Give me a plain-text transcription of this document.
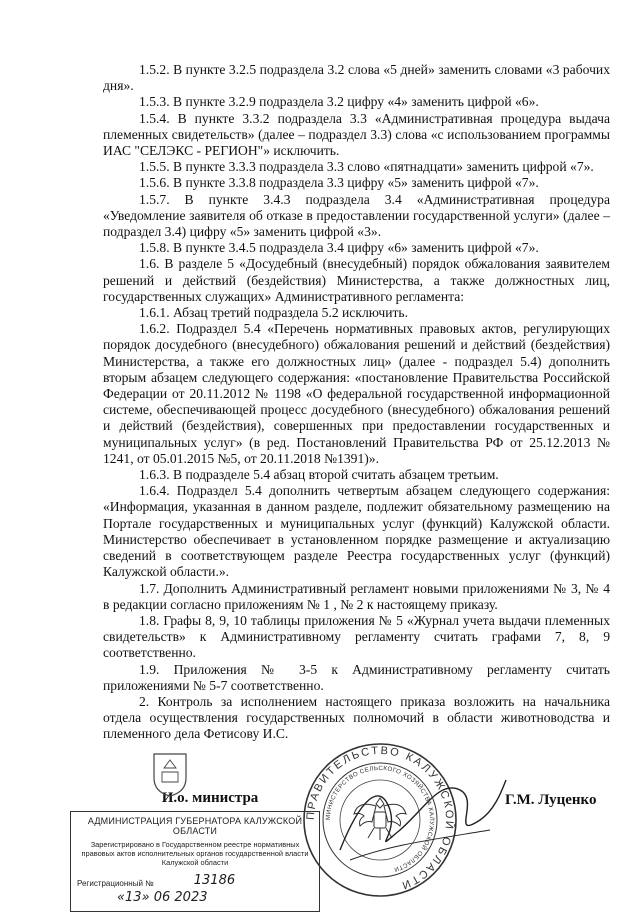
1.5.2. В пункте 3.2.5 подраздела 3.2 слова «5 дней» заменить словами «3 рабочих дня».

1.5.3. В пункте 3.2.9 подраздела 3.2 цифру «4» заменить цифрой «6».

1.5.4. В пункте 3.3.2 подраздела 3.3 «Административная процедура выдача племенных свидетельств» (далее – подраздел 3.3) слова «с использованием программы ИАС "СЕЛЭКС - РЕГИОН"» исключить.

1.5.5. В пункте 3.3.3 подраздела 3.3 слово «пятнадцати» заменить цифрой «7».

1.5.6. В пункте 3.3.8 подраздела 3.3 цифру «5» заменить цифрой «7».

1.5.7. В пункте 3.4.3 подраздела 3.4 «Административная процедура «Уведомление заявителя об отказе в предоставлении государственной услуги» (далее – подраздел 3.4) цифру «5» заменить цифрой «3».

1.5.8. В пункте 3.4.5 подраздела 3.4 цифру «6» заменить цифрой «7».

1.6. В разделе 5 «Досудебный (внесудебный) порядок обжалования заявителем решений и действий (бездействия) Министерства, а также должностных лиц, государственных служащих» Административного регламента:

1.6.1. Абзац третий подраздела 5.2 исключить.

1.6.2. Подраздел 5.4 «Перечень нормативных правовых актов, регулирующих порядок досудебного (внесудебного) обжалования решений и действий (бездействия) Министерства, а также его должностных лиц» (далее - подраздел 5.4) дополнить вторым абзацем следующего содержания: «постановление Правительства Российской Федерации от 20.11.2012 № 1198 «О федеральной государственной информационной системе, обеспечивающей процесс досудебного (внесудебного) обжалования решений и действий (бездействия), совершенных при предоставлении государственных и муниципальных услуг» (в ред. Постановлений Правительства РФ от 25.12.2013 № 1241, от 05.01.2015 №5, от 20.11.2018 №1391)».

1.6.3. В подразделе 5.4 абзац второй считать абзацем третьим.

1.6.4. Подраздел 5.4 дополнить четвертым абзацем следующего содержания: «Информация, указанная в данном разделе, подлежит обязательному размещению на Портале государственных и муниципальных услуг (функций) Калужской области. Министерство обеспечивает в установленном порядке размещение и актуализацию сведений в соответствующем разделе Реестра государственных услуг (функций) Калужской области.».

1.7. Дополнить Административный регламент новыми приложениями № 3, № 4 в редакции согласно приложениям № 1 , № 2 к настоящему приказу.

1.8. Графы 8, 9, 10 таблицы приложения № 5 «Журнал учета выдачи племенных свидетельств» к Административному регламенту считать графами 7, 8, 9 соответственно.

1.9. Приложения № 3-5 к Административному регламенту считать приложениями № 5-7 соответственно.

2. Контроль за исполнением настоящего приказа возложить на начальника отдела осуществления государственных полномочий в области животноводства и племенного дела Фетисову И.С.

ПРАВИТЕЛЬСТВО КАЛУЖСКОЙ ОБЛАСТИ
МИНИСТЕРСТВО СЕЛЬСКОГО ХОЗЯЙСТВА КАЛУЖСКОЙ ОБЛАСТИ
И.о. министра
АДМИНИСТРАЦИЯ ГУБЕРНАТОРА КАЛУЖСКОЙ ОБЛАСТИ
Зарегистрировано в Государственном реестре нормативных правовых актов исполнительных органов государственной власти Калужской области
Регистрационный №	13186
«13» 06 2023
Г.М. Луценко
